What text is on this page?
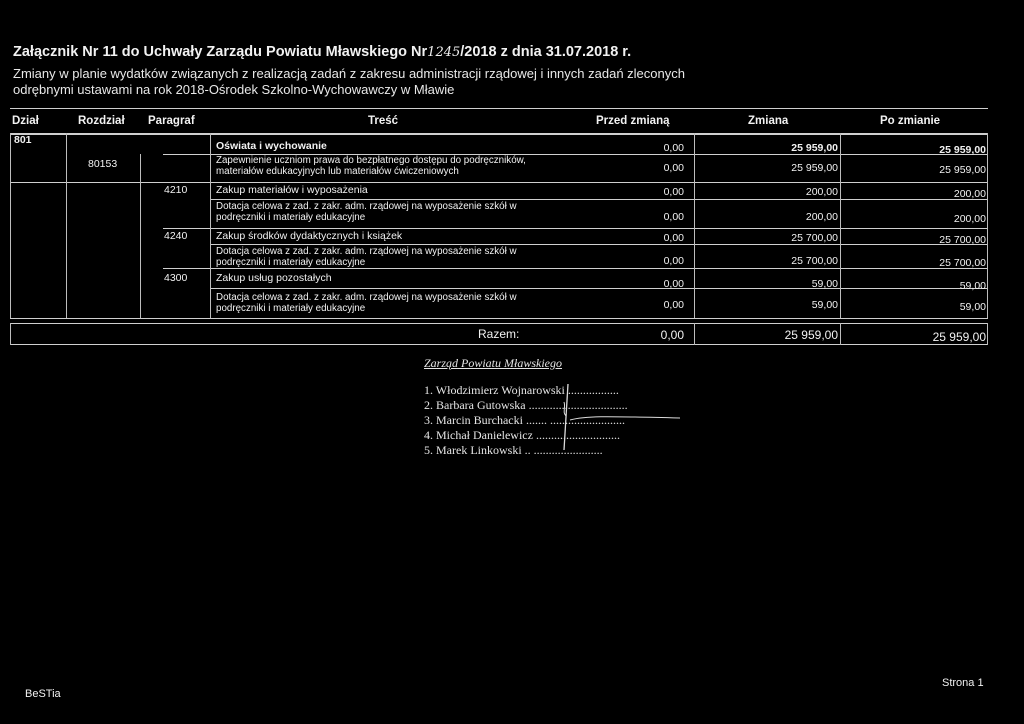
Załącznik Nr 11 do Uchwały Zarządu Powiatu Mławskiego Nr1245/2018 z dnia 31.07.2018 r.
Zmiany w planie wydatków związanych z realizacją zadań z zakresu administracji rządowej i innych zadań zleconych
odrębnymi ustawami na rok 2018-Ośrodek Szkolno-Wychowawczy w Mławie
Dział	Rozdział Paragraf	Treść	Przed zmianą	Zmiana	Po zmianie
801	Oświata i wychowanie	0,00	25 959,00	25 959,00
80153	Zapewnienie uczniom prawa do bezpłatnego dostępu do podręczników,
materiałów edukacyjnych lub materiałów ćwiczeniowych	0,00	25 959,00	25 959,00
4210	Zakup materiałów i wyposażenia	0,00	200,00	200,00
Dotacja celowa z zad. z zakr. adm. rządowej na wyposażenie szkół w
podręczniki i materiały edukacyjne	0,00	200,00	200,00
4240	Zakup środków dydaktycznych i książek	0,00	25 700,00	25 700,00
Dotacja celowa z zad. z zakr. adm. rządowej na wyposażenie szkół w
podręczniki i materiały edukacyjne	0,00	25 700,00	25 700,00
4300	Zakup usług pozostałych	0,00	59,00	59,00
Dotacja celowa z zad. z zakr. adm. rządowej na wyposażenie szkół w
podręczniki i materiały edukacyjne	0,00	59,00	59,00
Razem:	0,00	25 959,00	25 959,00
Zarząd Powiatu Mławskiego
1. Włodzimierz Wojnarowski .................
2. Barbara Gutowska .................................
3. Marcin Burchacki ....... .........................
4. Michał Danielewicz ............................
5. Marek Linkowski .. .......................
BeSTia
Strona 1
